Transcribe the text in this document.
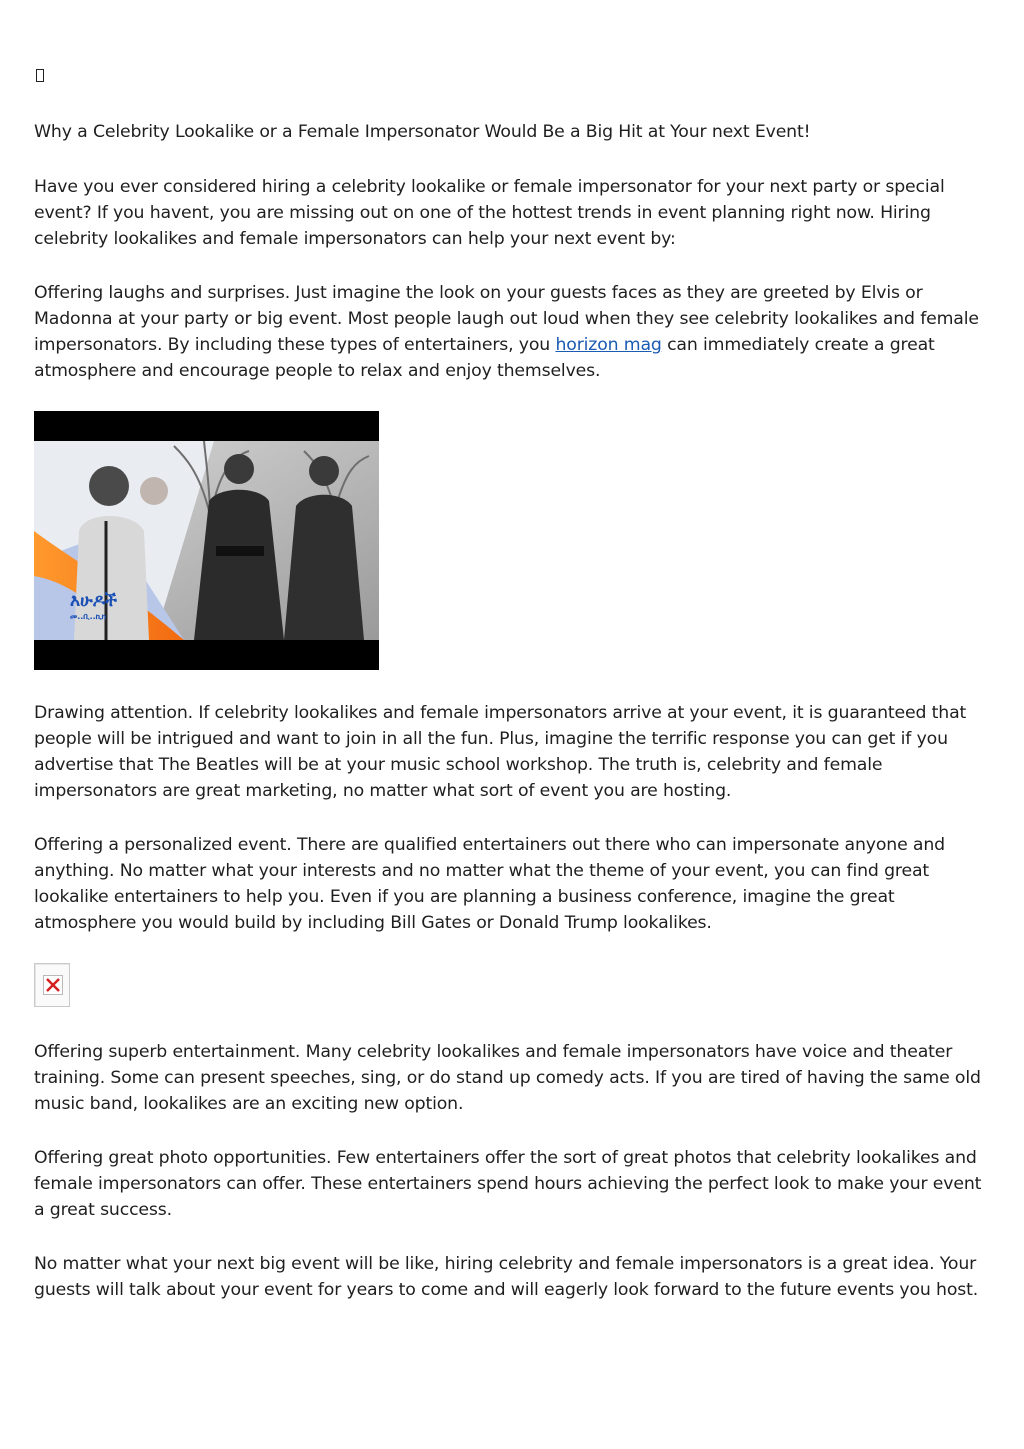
Why a Celebrity Lookalike or a Female Impersonator Would Be a Big Hit at Your next Event!

Have you ever considered hiring a celebrity lookalike or female impersonator for your next party or special event? If you havent, you are missing out on one of the hottest trends in event planning right now. Hiring celebrity lookalikes and female impersonators can help your next event by:

Offering laughs and surprises. Just imagine the look on your guests faces as they are greeted by Elvis or Madonna at your party or big event. Most people laugh out loud when they see celebrity lookalikes and female impersonators. By including these types of entertainers, you horizon mag can immediately create a great atmosphere and encourage people to relax and enjoy themselves.

እሁዶች
መ..ቢ..ኪክ

Drawing attention. If celebrity lookalikes and female impersonators arrive at your event, it is guaranteed that people will be intrigued and want to join in all the fun. Plus, imagine the terrific response you can get if you advertise that The Beatles will be at your music school workshop. The truth is, celebrity and female impersonators are great marketing, no matter what sort of event you are hosting.

Offering a personalized event. There are qualified entertainers out there who can impersonate anyone and anything. No matter what your interests and no matter what the theme of your event, you can find great lookalike entertainers to help you. Even if you are planning a business conference, imagine the great atmosphere you would build by including Bill Gates or Donald Trump lookalikes.

Offering superb entertainment. Many celebrity lookalikes and female impersonators have voice and theater training. Some can present speeches, sing, or do stand up comedy acts. If you are tired of having the same old music band, lookalikes are an exciting new option.

Offering great photo opportunities. Few entertainers offer the sort of great photos that celebrity lookalikes and female impersonators can offer. These entertainers spend hours achieving the perfect look to make your event a great success.

No matter what your next big event will be like, hiring celebrity and female impersonators is a great idea. Your guests will talk about your event for years to come and will eagerly look forward to the future events you host.
